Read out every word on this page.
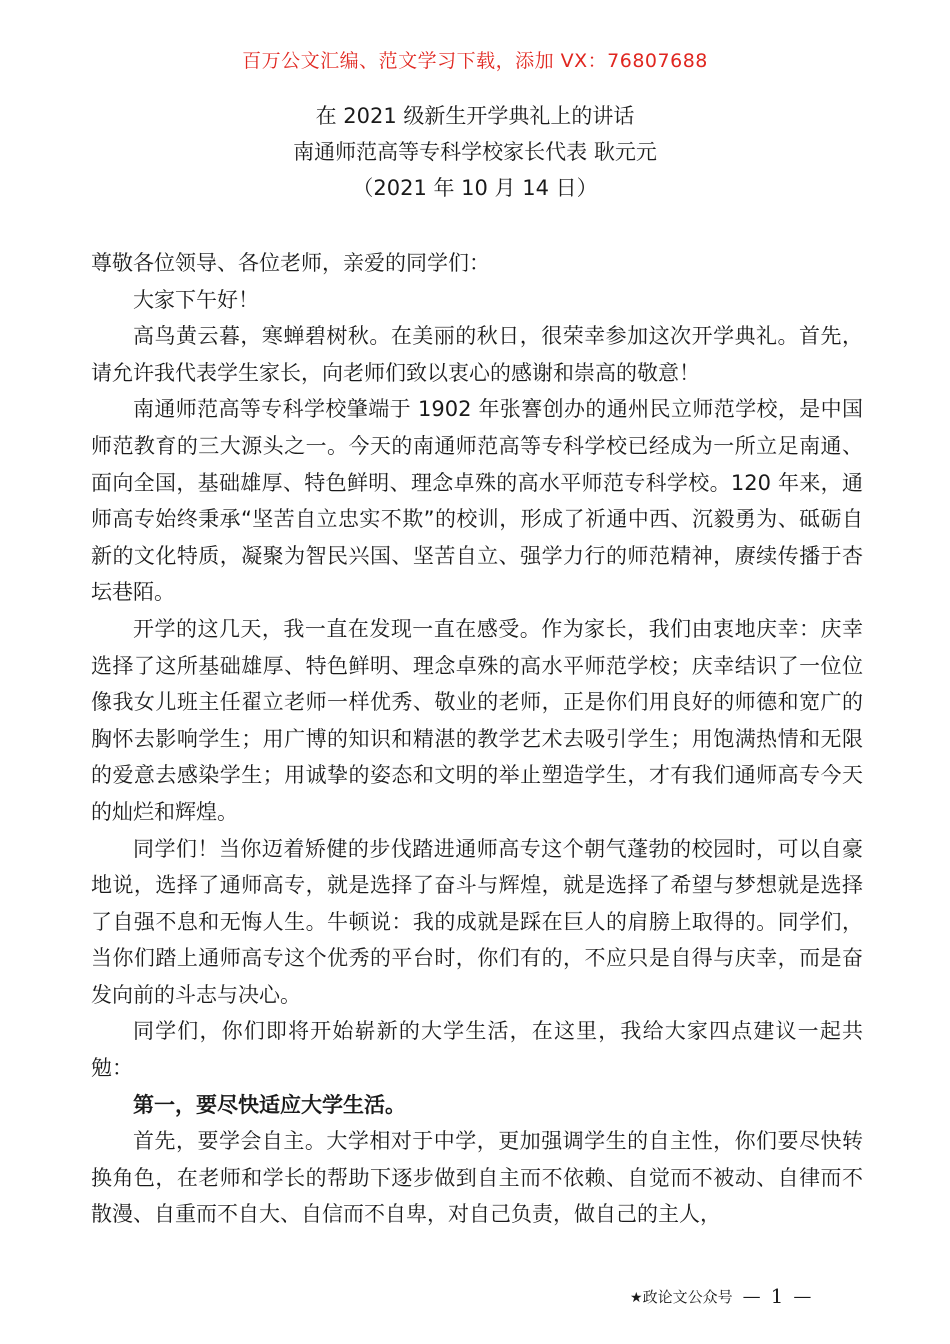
百万公文汇编、范文学习下载，添加 VX：76807688
在 2021 级新生开学典礼上的讲话
南通师范高等专科学校家长代表 耿元元
（2021 年 10 月 14 日）

尊敬各位领导、各位老师，亲爱的同学们：

大家下午好！

高鸟黄云暮，寒蝉碧树秋。在美丽的秋日，很荣幸参加这次开学典礼。首先，请允许我代表学生家长，向老师们致以衷心的感谢和崇高的敬意！

南通师范高等专科学校肇端于 1902 年张謇创办的通州民立师范学校，是中国师范教育的三大源头之一。今天的南通师范高等专科学校已经成为一所立足南通、面向全国，基础雄厚、特色鲜明、理念卓殊的高水平师范专科学校。120 年来，通师高专始终秉承“坚苦自立忠实不欺”的校训，形成了祈通中西、沉毅勇为、砥砺自新的文化特质，凝聚为智民兴国、坚苦自立、强学力行的师范精神，赓续传播于杏坛巷陌。

开学的这几天，我一直在发现一直在感受。作为家长，我们由衷地庆幸：庆幸选择了这所基础雄厚、特色鲜明、理念卓殊的高水平师范学校；庆幸结识了一位位像我女儿班主任翟立老师一样优秀、敬业的老师，正是你们用良好的师德和宽广的胸怀去影响学生；用广博的知识和精湛的教学艺术去吸引学生；用饱满热情和无限的爱意去感染学生；用诚挚的姿态和文明的举止塑造学生，才有我们通师高专今天的灿烂和辉煌。

同学们！当你迈着矫健的步伐踏进通师高专这个朝气蓬勃的校园时，可以自豪地说，选择了通师高专，就是选择了奋斗与辉煌，就是选择了希望与梦想就是选择了自强不息和无悔人生。牛顿说：我的成就是踩在巨人的肩膀上取得的。同学们，当你们踏上通师高专这个优秀的平台时，你们有的，不应只是自得与庆幸，而是奋发向前的斗志与决心。

同学们，你们即将开始崭新的大学生活，在这里，我给大家四点建议一起共勉：

第一，要尽快适应大学生活。

首先，要学会自主。大学相对于中学，更加强调学生的自主性，你们要尽快转换角色，在老师和学长的帮助下逐步做到自主而不依赖、自觉而不被动、自律而不散漫、自重而不自大、自信而不自卑，对自己负责，做自己的主人，

★政论文公众号 — 1 —
